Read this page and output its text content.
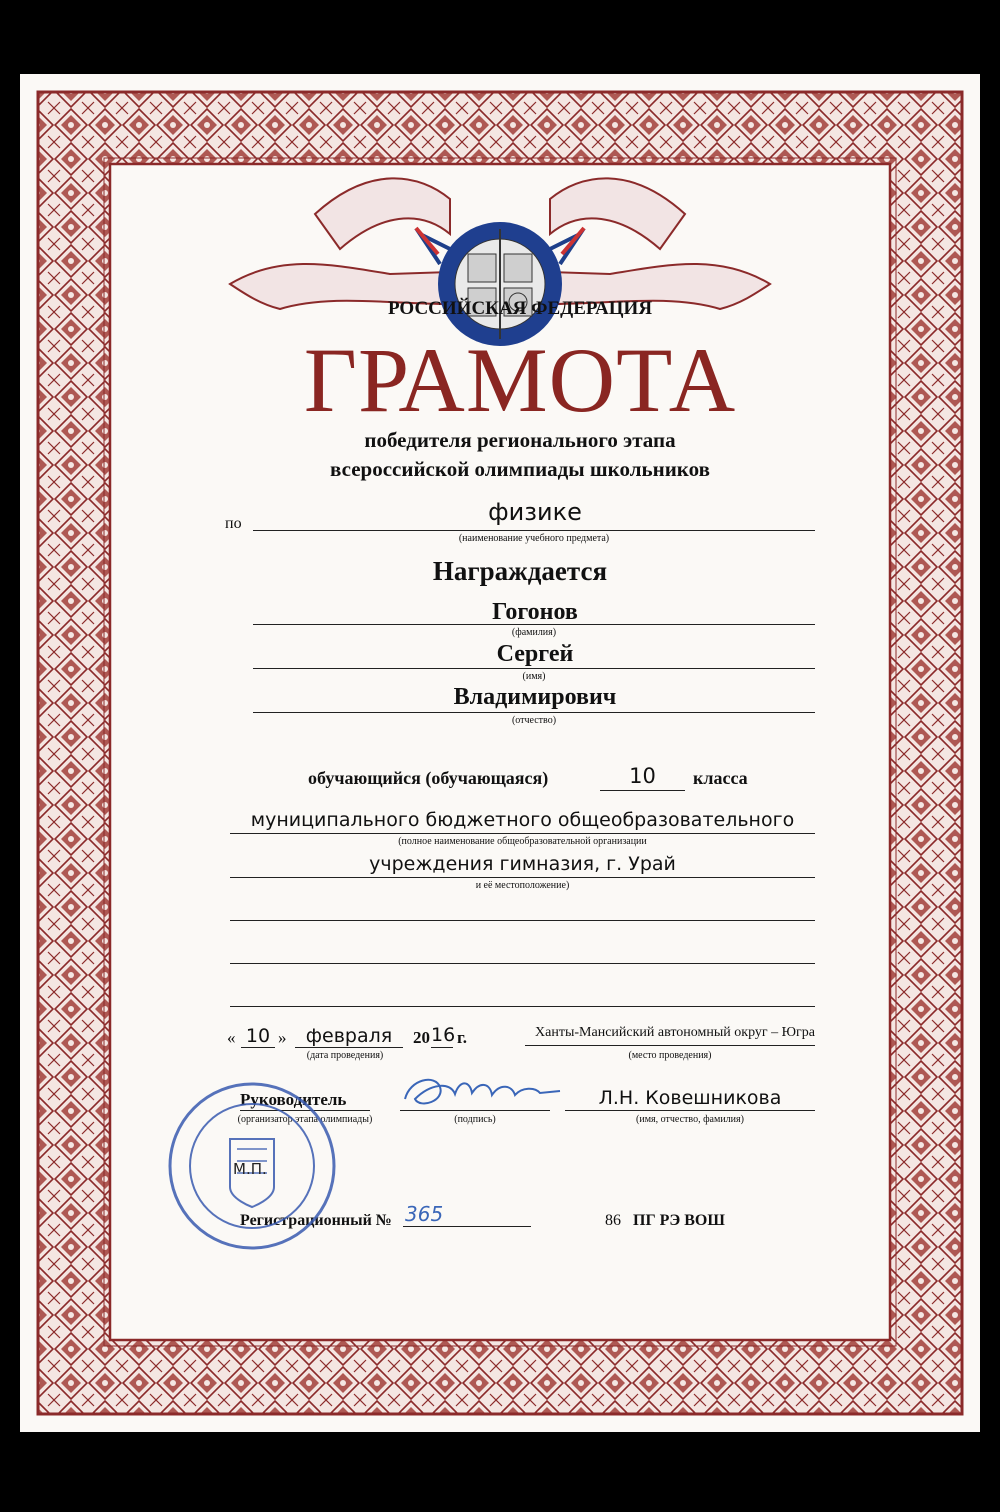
РОССИЙСКАЯ ФЕДЕРАЦИЯ
ГРАМОТА
победителя регионального этапа
всероссийской олимпиады школьников
по	физике
(наименование учебного предмета)
Награждается
Гогонов
(фамилия)
Сергей
(имя)
Владимирович
(отчество)
обучающийся (обучающаяся)	10	класса
муниципального бюджетного общеобразовательного
(полное наименование общеобразовательной организации
учреждения гимназия, г. Урай
и её местоположение)
« 10 »	февраля	20 16 г.
(дата проведения)
Ханты-Мансийский автономный округ – Югра
(место проведения)
Руководитель
(организатор этапа олимпиады)	(подпись)
Л.Н. Ковешникова
(имя, отчество, фамилия)
Регистрационный № 365	86 ПГ РЭ ВОШ
М.П.
